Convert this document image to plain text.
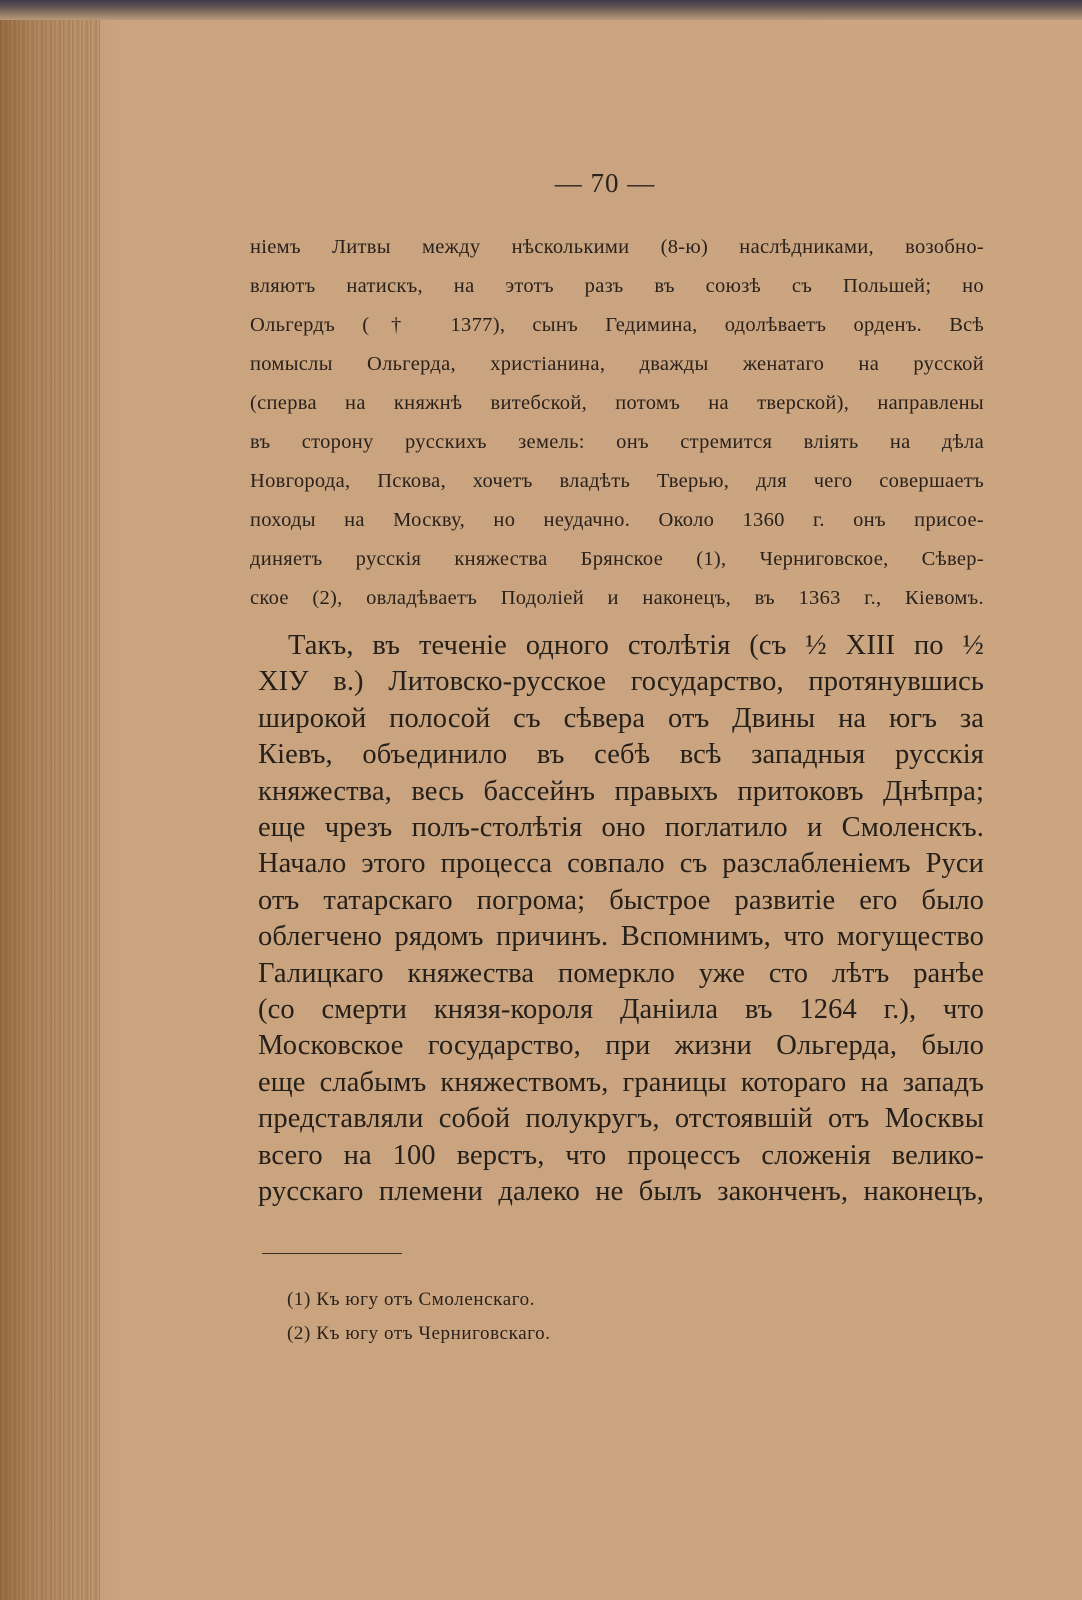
— 70 —
ніемъ Литвы между нѣсколькими (8-ю) наслѣдниками, возобно-
вляютъ натискъ, на этотъ разъ въ союзѣ съ Польшей; но
Ольгердъ († 1377), сынъ Гедимина, одолѣваетъ орденъ. Всѣ
помыслы Ольгерда, христіанина, дважды женатаго на русской
(сперва на княжнѣ витебской, потомъ на тверской), направлены
въ сторону русскихъ земель: онъ стремится вліять на дѣла
Новгорода, Пскова, хочетъ владѣть Тверью, для чего совершаетъ
походы на Москву, но неудачно. Около 1360 г. онъ присое-
диняетъ русскія княжества Брянское (1), Черниговское, Сѣвер-
ское (2), овладѣваетъ Подоліей и наконецъ, въ 1363 г., Кіевомъ.
Такъ, въ теченіе одного столѣтія (съ ½ XIII по ½
XIУ в.) Литовско-русское государство, протянувшись
широкой полосой съ сѣвера отъ Двины на югъ за
Кіевъ, объединило въ себѣ всѣ западныя русскія
княжества, весь бассейнъ правыхъ притоковъ Днѣпра;
еще чрезъ полъ-столѣтія оно поглатило и Смоленскъ.
Начало этого процесса совпало съ разслабленіемъ Руси
отъ татарскаго погрома; быстрое развитіе его было
облегчено рядомъ причинъ. Вспомнимъ, что могущество
Галицкаго княжества померкло уже сто лѣтъ ранѣе
(со смерти князя-короля Даніила въ 1264 г.), что
Московское государство, при жизни Ольгерда, было
еще слабымъ княжествомъ, границы котораго на западъ
представляли собой полукругъ, отстоявшій отъ Москвы
всего на 100 верстъ, что процессъ сложенія велико-
русскаго племени далеко не былъ законченъ, наконецъ,
(1) Къ югу отъ Смоленскаго.
(2) Къ югу отъ Черниговскаго.
